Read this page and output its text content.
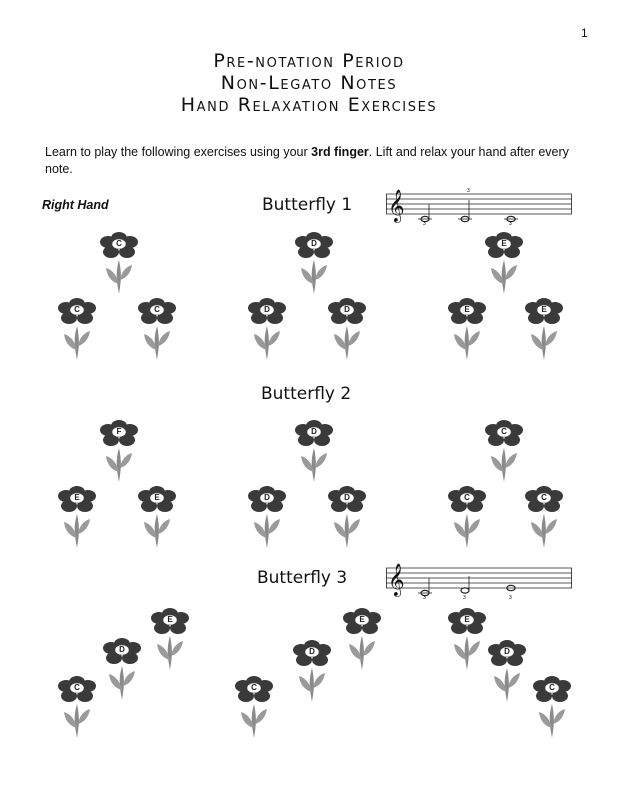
1
Pre-notation Period
Non-Legato Notes
Hand Relaxation Exercises
Learn to play the following exercises using your 3rd finger. Lift and relax your hand after every note.
Right Hand	Butterfly 1
Butterfly 2
Butterfly 3
𝄞
3
3
3
𝄞
3	3	3
C
C	C
D
D	D
E
E	E
F
E	E
D
D	D
C
C	C
C
D
E
C
D
E	E
D
C
